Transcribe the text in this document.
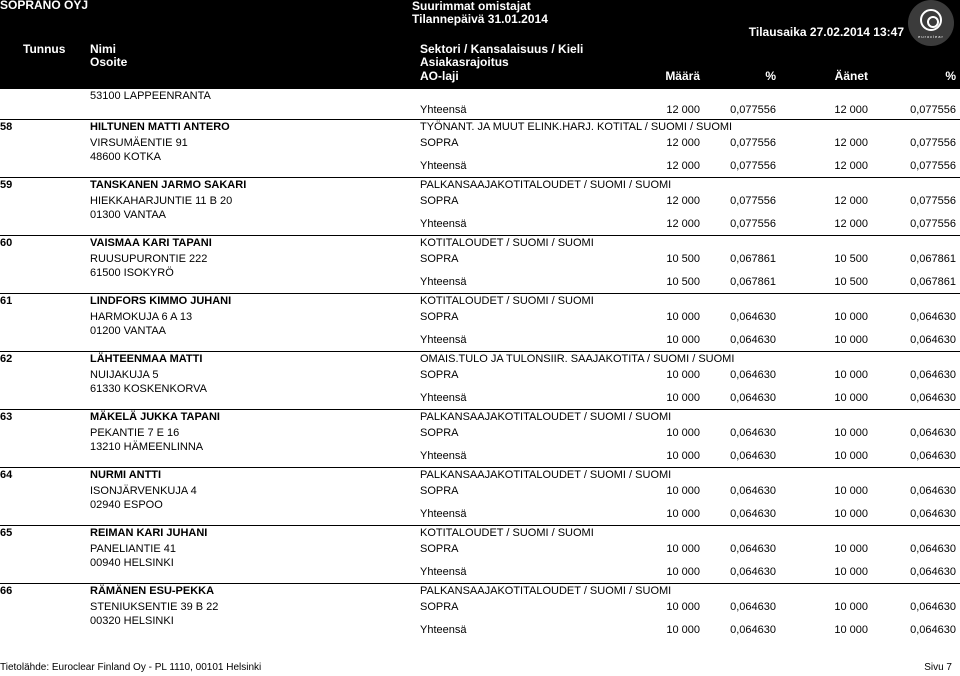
SOPRANO OYJ	Suurimmat omistajat
Tilannepäivä 31.01.2014
Tilausaika 27.02.2014 13:47	euroclear
Tunnus Nimi
Osoite
Sektori / Kansalaisuus / Kieli
Asiakasrajoitus
AO-laji	Määrä	%	Äänet	%
53100 LAPPEENRANTA
Yhteensä	12 000	0,077556	12 000	0,077556
58	HILTUNEN MATTI ANTERO	TYÖNANT. JA MUUT ELINK.HARJ. KOTITAL / SUOMI / SUOMI
VIRSUMÄENTIE 91
48600 KOTKA
SOPRA	12 000	0,077556	12 000	0,077556
Yhteensä	12 000	0,077556	12 000	0,077556
59	TANSKANEN JARMO SAKARI	PALKANSAAJAKOTITALOUDET / SUOMI / SUOMI
HIEKKAHARJUNTIE 11 B 20
01300 VANTAA
SOPRA	12 000	0,077556	12 000	0,077556
Yhteensä	12 000	0,077556	12 000	0,077556
60	VAISMAA KARI TAPANI	KOTITALOUDET / SUOMI / SUOMI
RUUSUPURONTIE 222
61500 ISOKYRÖ
SOPRA	10 500	0,067861	10 500	0,067861
Yhteensä	10 500	0,067861	10 500	0,067861
61	LINDFORS KIMMO JUHANI	KOTITALOUDET / SUOMI / SUOMI
HARMOKUJA 6 A 13
01200 VANTAA
SOPRA	10 000	0,064630	10 000	0,064630
Yhteensä	10 000	0,064630	10 000	0,064630
62	LÄHTEENMAA MATTI	OMAIS.TULO JA TULONSIIR. SAAJAKOTITA / SUOMI / SUOMI
NUIJAKUJA 5
61330 KOSKENKORVA
SOPRA	10 000	0,064630	10 000	0,064630
Yhteensä	10 000	0,064630	10 000	0,064630
63	MÄKELÄ JUKKA TAPANI	PALKANSAAJAKOTITALOUDET / SUOMI / SUOMI
PEKANTIE 7 E 16
13210 HÄMEENLINNA
SOPRA	10 000	0,064630	10 000	0,064630
Yhteensä	10 000	0,064630	10 000	0,064630
64	NURMI ANTTI	PALKANSAAJAKOTITALOUDET / SUOMI / SUOMI
ISONJÄRVENKUJA 4
02940 ESPOO
SOPRA	10 000	0,064630	10 000	0,064630
Yhteensä	10 000	0,064630	10 000	0,064630
65	REIMAN KARI JUHANI	KOTITALOUDET / SUOMI / SUOMI
PANELIANTIE 41
00940 HELSINKI
SOPRA	10 000	0,064630	10 000	0,064630
Yhteensä	10 000	0,064630	10 000	0,064630
66	RÄMÄNEN ESU-PEKKA	PALKANSAAJAKOTITALOUDET / SUOMI / SUOMI
STENIUKSENTIE 39 B 22
00320 HELSINKI
SOPRA	10 000	0,064630	10 000	0,064630
Yhteensä	10 000	0,064630	10 000	0,064630
Tietolähde: Euroclear Finland Oy - PL 1110, 00101 Helsinki	Sivu 7
